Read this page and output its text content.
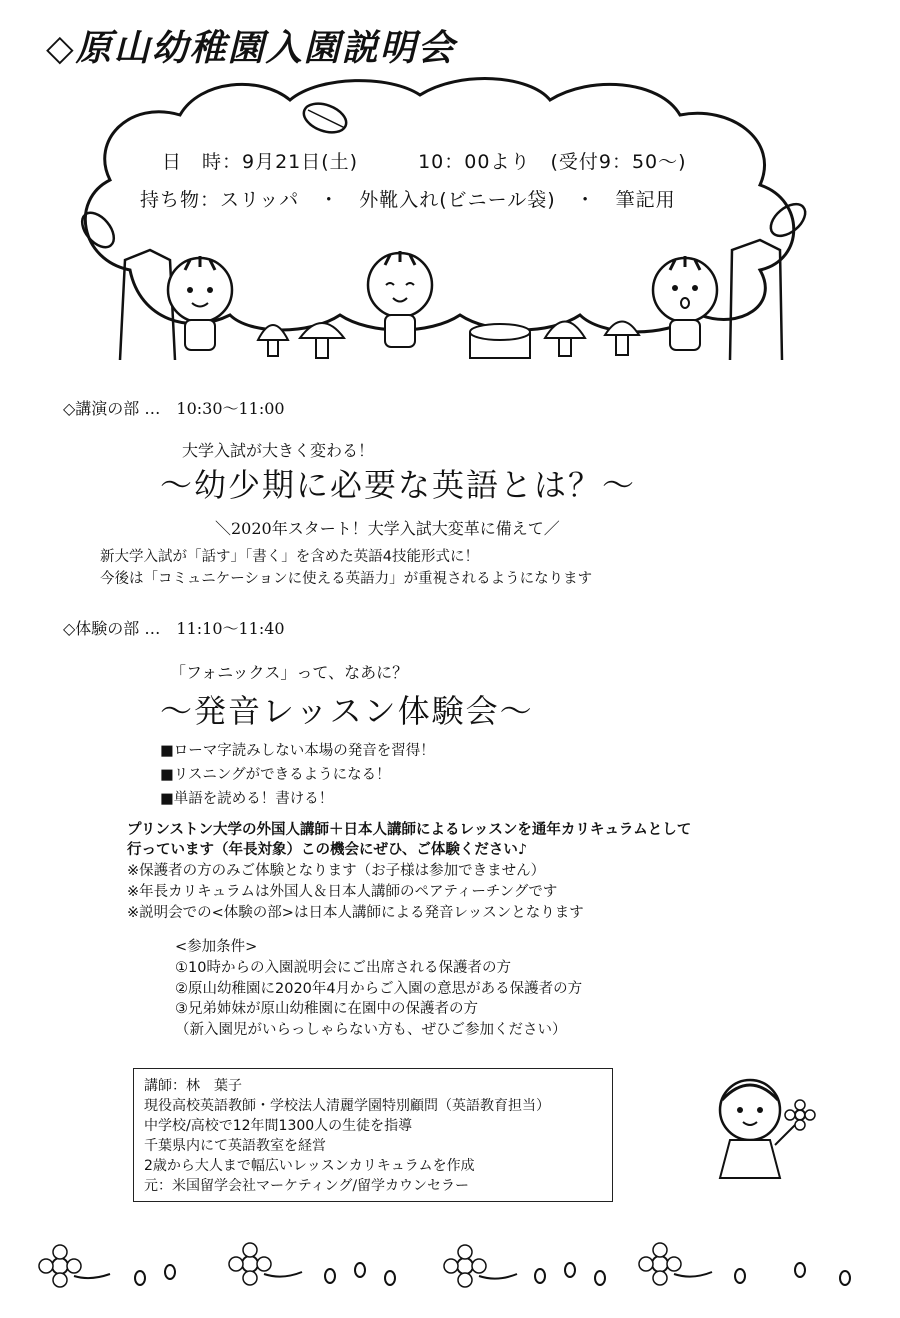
◇原山幼稚園入園説明会
日　時：9月21日(土)　　　10：00より　(受付9：50〜)
持ち物：スリッパ　・　外靴入れ(ビニール袋)　・　筆記用
◇講演の部 …　10:30〜11:00
大学入試が大きく変わる！
〜幼少期に必要な英語とは？〜
＼2020年スタート！大学入試大変革に備えて／
新大学入試が「話す」「書く」を含めた英語4技能形式に！
今後は「コミュニケーションに使える英語力」が重視されるようになります
◇体験の部 …　11:10〜11:40
「フォニックス」って、なあに？
〜発音レッスン体験会〜
■ローマ字読みしない本場の発音を習得！
■リスニングができるようになる！
■単語を読める！書ける！
プリンストン大学の外国人講師＋日本人講師によるレッスンを通年カリキュラムとして
行っています（年長対象）この機会にぜひ、ご体験ください♪
※保護者の方のみご体験となります（お子様は参加できません）
※年長カリキュラムは外国人＆日本人講師のペアティーチングです
※説明会での<体験の部>は日本人講師による発音レッスンとなります
<参加条件>
①10時からの入園説明会にご出席される保護者の方
②原山幼稚園に2020年4月からご入園の意思がある保護者の方
③兄弟姉妹が原山幼稚園に在園中の保護者の方
（新入園児がいらっしゃらない方も、ぜひご参加ください）
講師：林　葉子
現役高校英語教師・学校法人清麗学園特別顧問（英語教育担当）
中学校/高校で12年間1300人の生徒を指導
千葉県内にて英語教室を経営
2歳から大人まで幅広いレッスンカリキュラムを作成
元：米国留学会社マーケティング/留学カウンセラー
